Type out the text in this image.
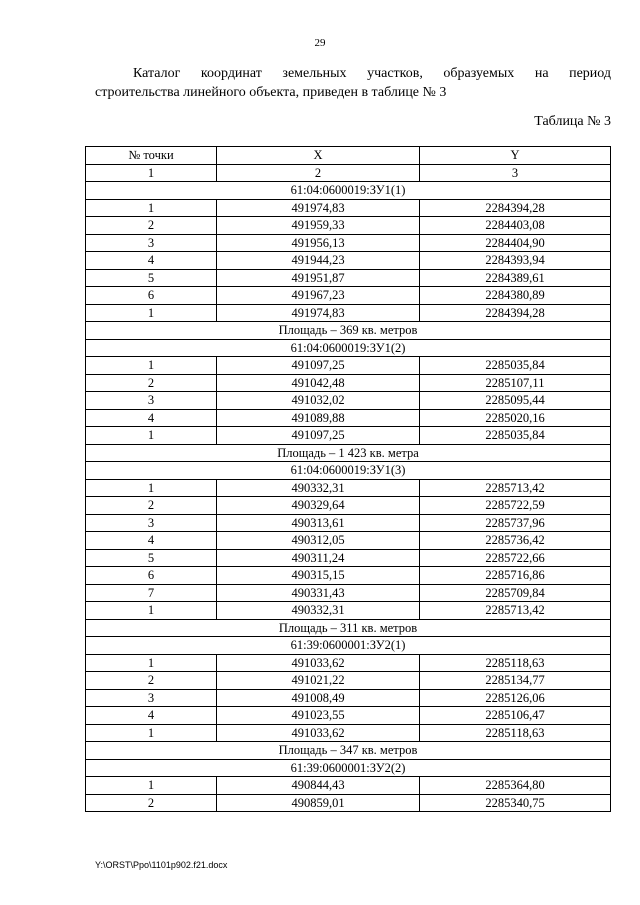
29
Каталог координат земельных участков, образуемых на период
строительства линейного объекта, приведен в таблице № 3
Таблица № 3
№ точки	X	Y
1	2	3
61:04:0600019:ЗУ1(1)		
1	491974,83	2284394,28
2	491959,33	2284403,08
3	491956,13	2284404,90
4	491944,23	2284393,94
5	491951,87	2284389,61
6	491967,23	2284380,89
1	491974,83	2284394,28
Площадь – 369 кв. метров		
61:04:0600019:ЗУ1(2)		
1	491097,25	2285035,84
2	491042,48	2285107,11
3	491032,02	2285095,44
4	491089,88	2285020,16
1	491097,25	2285035,84
Площадь – 1 423 кв. метра		
61:04:0600019:ЗУ1(3)		
1	490332,31	2285713,42
2	490329,64	2285722,59
3	490313,61	2285737,96
4	490312,05	2285736,42
5	490311,24	2285722,66
6	490315,15	2285716,86
7	490331,43	2285709,84
1	490332,31	2285713,42
Площадь – 311 кв. метров		
61:39:0600001:ЗУ2(1)		
1	491033,62	2285118,63
2	491021,22	2285134,77
3	491008,49	2285126,06
4	491023,55	2285106,47
1	491033,62	2285118,63
Площадь – 347 кв. метров		
61:39:0600001:ЗУ2(2)		
1	490844,43	2285364,80
2	490859,01	2285340,75
Y:\ORST\Ppo\1101p902.f21.docx
